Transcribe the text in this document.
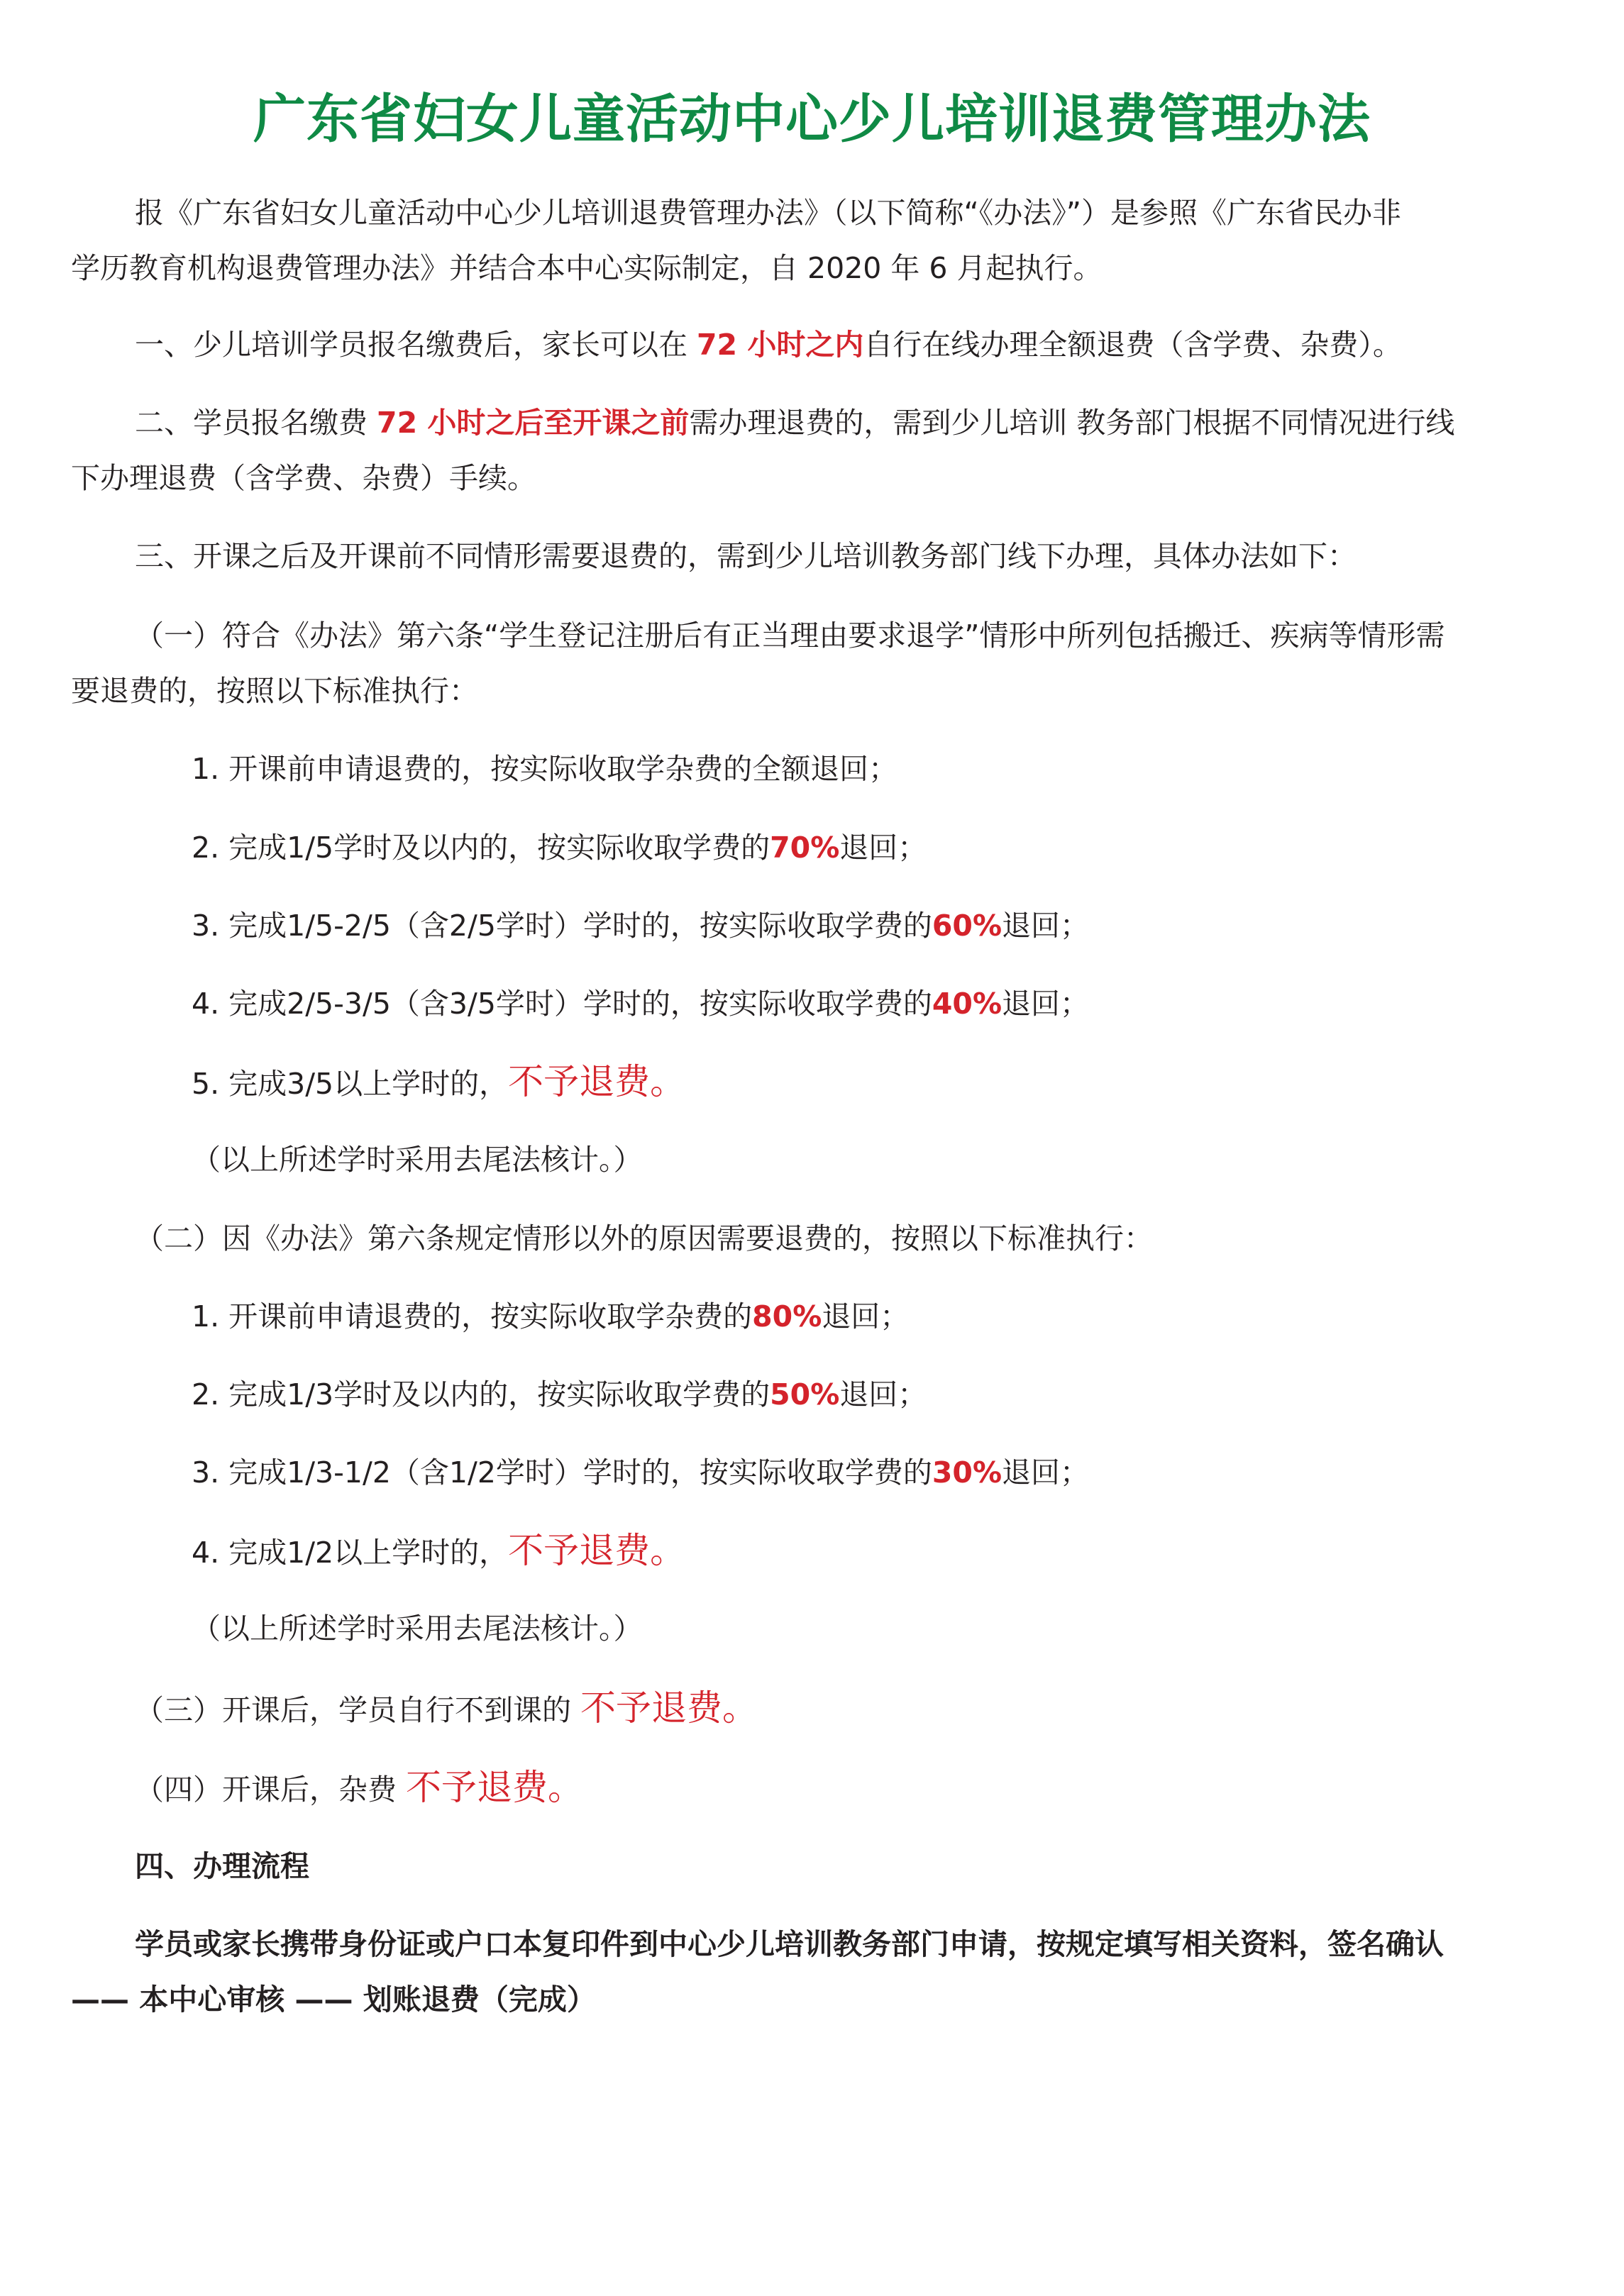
广东省妇女儿童活动中心少儿培训退费管理办法
报《广东省妇女儿童活动中心少儿培训退费管理办法》（以下简称“《办法》”）是参照《广东省民办非
学历教育机构退费管理办法》并结合本中心实际制定，自 2020 年 6 月起执行。
一、少儿培训学员报名缴费后，家长可以在 72 小时之内自行在线办理全额退费（含学费、杂费）。
二、学员报名缴费 72 小时之后至开课之前需办理退费的，需到少儿培训 教务部门根据不同情况进行线
下办理退费（含学费、杂费）手续。
三、开课之后及开课前不同情形需要退费的，需到少儿培训教务部门线下办理，具体办法如下：
（一）符合《办法》第六条“学生登记注册后有正当理由要求退学”情形中所列包括搬迁、疾病等情形需
要退费的，按照以下标准执行：
1. 开课前申请退费的，按实际收取学杂费的全额退回；
2. 完成1/5学时及以内的，按实际收取学费的70%退回；
3. 完成1/5-2/5（含2/5学时）学时的，按实际收取学费的60%退回；
4. 完成2/5-3/5（含3/5学时）学时的，按实际收取学费的40%退回；
5. 完成3/5以上学时的，不予退费。
（以上所述学时采用去尾法核计。）
（二）因《办法》第六条规定情形以外的原因需要退费的，按照以下标准执行：
1. 开课前申请退费的，按实际收取学杂费的80%退回；
2. 完成1/3学时及以内的，按实际收取学费的50%退回；
3. 完成1/3-1/2（含1/2学时）学时的，按实际收取学费的30%退回；
4. 完成1/2以上学时的，不予退费。
（以上所述学时采用去尾法核计。）
（三）开课后，学员自行不到课的 不予退费。
（四）开课后，杂费 不予退费。
四、办理流程
学员或家长携带身份证或户口本复印件到中心少儿培训教务部门申请，按规定填写相关资料，签名确认
—— 本中心审核 —— 划账退费（完成）
